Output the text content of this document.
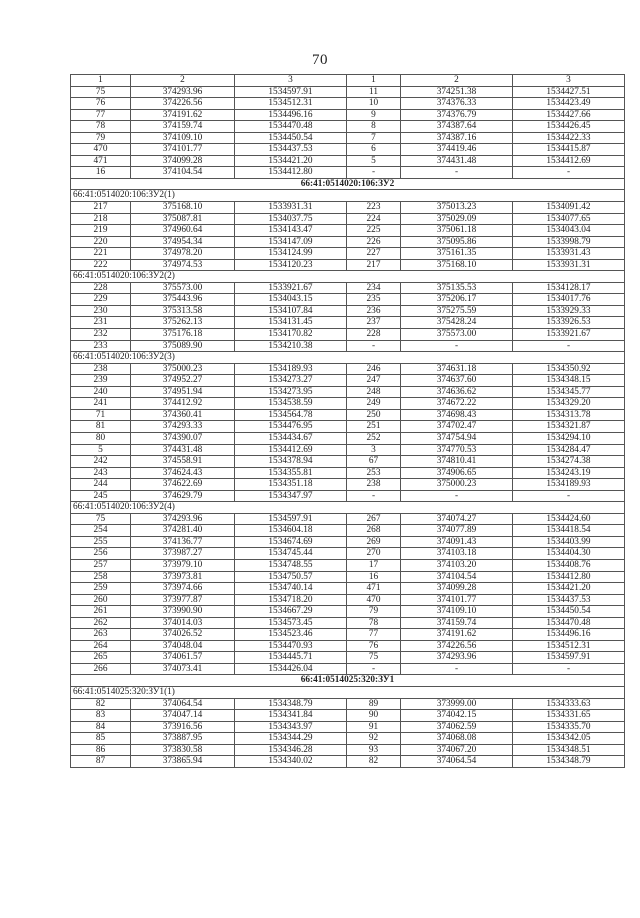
70
1	2	3	1	2	3
75	374293.96	1534597.91	11	374251.38	1534427.51
76	374226.56	1534512.31	10	374376.33	1534423.49
77	374191.62	1534496.16	9	374376.79	1534427.66
78	374159.74	1534470.48	8	374387.64	1534426.45
79	374109.10	1534450.54	7	374387.16	1534422.33
470	374101.77	1534437.53	6	374419.46	1534415.87
471	374099.28	1534421.20	5	374431.48	1534412.69
16	374104.54	1534412.80	-	-	-
66:41:0514020:106:ЗУ2					
66:41:0514020:106:ЗУ2(1)					
217	375168.10	1533931.31	223	375013.23	1534091.42
218	375087.81	1534037.75	224	375029.09	1534077.65
219	374960.64	1534143.47	225	375061.18	1534043.04
220	374954.34	1534147.09	226	375095.86	1533998.79
221	374978.20	1534124.99	227	375161.35	1533931.43
222	374974.53	1534120.23	217	375168.10	1533931.31
66:41:0514020:106:ЗУ2(2)					
228	375573.00	1533921.67	234	375135.53	1534128.17
229	375443.96	1534043.15	235	375206.17	1534017.76
230	375313.58	1534107.84	236	375275.59	1533929.33
231	375262.13	1534131.45	237	375428.24	1533926.53
232	375176.18	1534170.82	228	375573.00	1533921.67
233	375089.90	1534210.38	-	-	-
66:41:0514020:106:ЗУ2(3)					
238	375000.23	1534189.93	246	374631.18	1534350.92
239	374952.27	1534273.27	247	374637.60	1534348.15
240	374951.94	1534273.95	248	374636.62	1534345.77
241	374412.92	1534538.59	249	374672.22	1534329.20
71	374360.41	1534564.78	250	374698.43	1534313.78
81	374293.33	1534476.95	251	374702.47	1534321.87
80	374390.07	1534434.67	252	374754.94	1534294.10
5	374431.48	1534412.69	3	374770.53	1534284.47
242	374558.91	1534378.94	67	374810.41	1534274.38
243	374624.43	1534355.81	253	374906.65	1534243.19
244	374622.69	1534351.18	238	375000.23	1534189.93
245	374629.79	1534347.97	-	-	-
66:41:0514020:106:ЗУ2(4)					
75	374293.96	1534597.91	267	374074.27	1534424.60
254	374281.40	1534604.18	268	374077.89	1534418.54
255	374136.77	1534674.69	269	374091.43	1534403.99
256	373987.27	1534745.44	270	374103.18	1534404.30
257	373979.10	1534748.55	17	374103.20	1534408.76
258	373973.81	1534750.57	16	374104.54	1534412.80
259	373974.66	1534740.14	471	374099.28	1534421.20
260	373977.87	1534718.20	470	374101.77	1534437.53
261	373990.90	1534667.29	79	374109.10	1534450.54
262	374014.03	1534573.45	78	374159.74	1534470.48
263	374026.52	1534523.46	77	374191.62	1534496.16
264	374048.04	1534470.93	76	374226.56	1534512.31
265	374061.57	1534445.71	75	374293.96	1534597.91
266	374073.41	1534426.04	-	-	-
66:41:0514025:320:ЗУ1					
66:41:0514025:320:ЗУ1(1)					
82	374064.54	1534348.79	89	373999.00	1534333.63
83	374047.14	1534341.84	90	374042.15	1534331.65
84	373916.56	1534343.97	91	374062.59	1534335.70
85	373887.95	1534344.29	92	374068.08	1534342.05
86	373830.58	1534346.28	93	374067.20	1534348.51
87	373865.94	1534340.02	82	374064.54	1534348.79
